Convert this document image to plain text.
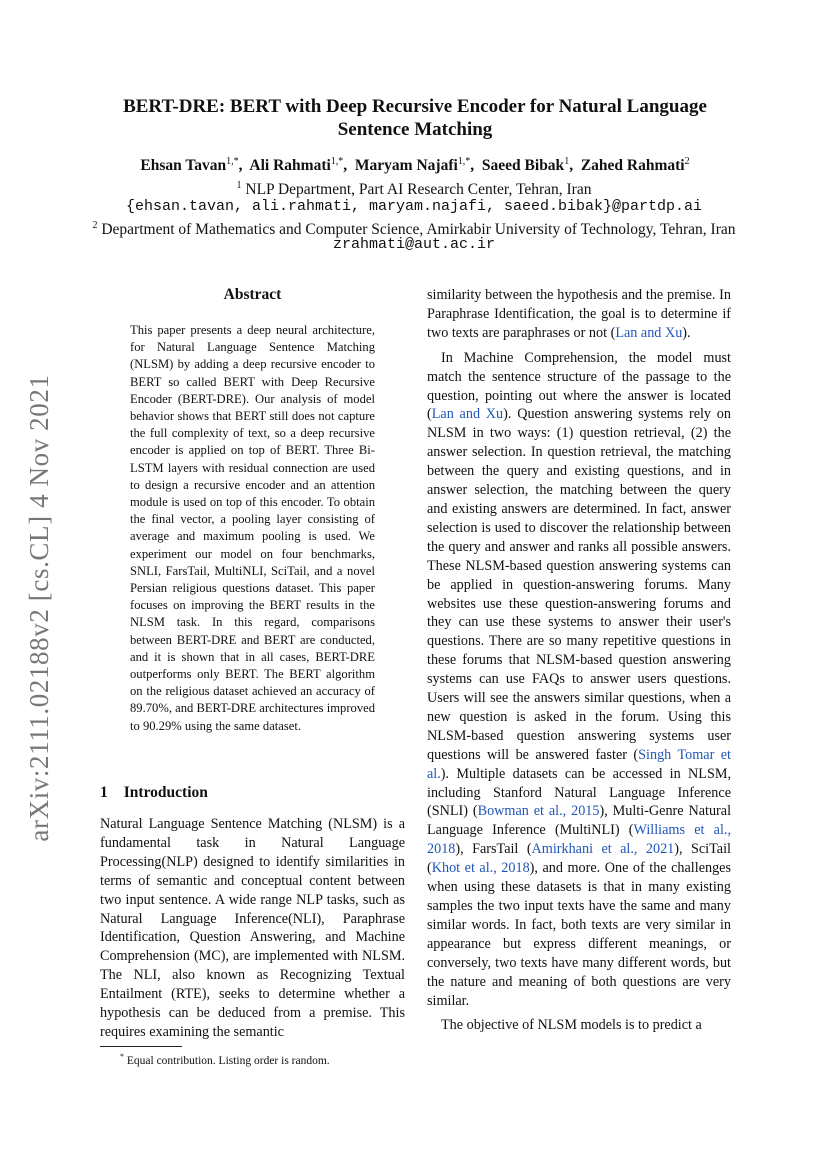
arXiv:2111.02188v2 [cs.CL] 4 Nov 2021
BERT-DRE: BERT with Deep Recursive Encoder for Natural Language Sentence Matching
Ehsan Tavan$^{1,*}$,  Ali Rahmati$^{1,*}$,  Maryam Najafi$^{1,*}$,  Saeed Bibak$^1$,  Zahed Rahmati$^2$
$^1$ NLP Department, Part AI Research Center, Tehran, Iran
{ehsan.tavan, ali.rahmati, maryam.najafi, saeed.bibak}@partdp.ai
$^2$ Department of Mathematics and Computer Science, Amirkabir University of Technology, Tehran, Iran
zrahmati@aut.ac.ir
Abstract
This paper presents a deep neural architecture, for Natural Language Sentence Matching (NLSM) by adding a deep recursive encoder to BERT so called BERT with Deep Recursive Encoder (BERT-DRE). Our analysis of model behavior shows that BERT still does not capture the full complexity of text, so a deep recursive encoder is applied on top of BERT. Three Bi-LSTM layers with residual connection are used to design a recursive encoder and an attention module is used on top of this encoder. To obtain the final vector, a pooling layer consisting of average and maximum pooling is used. We experiment our model on four benchmarks, SNLI, FarsTail, MultiNLI, SciTail, and a novel Persian religious questions dataset. This paper focuses on improving the BERT results in the NLSM task. In this regard, comparisons between BERT-DRE and BERT are conducted, and it is shown that in all cases, BERT-DRE outperforms only BERT. The BERT algorithm on the religious dataset achieved an accuracy of 89.70%, and BERT-DRE architectures improved to 90.29% using the same dataset.
1 Introduction

Natural Language Sentence Matching (NLSM) is a fundamental task in Natural Language Processing(NLP) designed to identify similarities in terms of semantic and conceptual content between two input sentence. A wide range NLP tasks, such as Natural Language Inference(NLI), Paraphrase Identification, Question Answering, and Machine Comprehension (MC), are implemented with NLSM. The NLI, also known as Recognizing Textual Entailment (RTE), seeks to determine whether a hypothesis can be deduced from a premise. This requires examining the semantic

* Equal contribution. Listing order is random.

similarity between the hypothesis and the premise. In Paraphrase Identification, the goal is to determine if two texts are paraphrases or not (Lan and Xu).

In Machine Comprehension, the model must match the sentence structure of the passage to the question, pointing out where the answer is located (Lan and Xu). Question answering systems rely on NLSM in two ways: (1) question retrieval, (2) the answer selection. In question retrieval, the matching between the query and existing questions, and in answer selection, the matching between the query and existing answers are determined. In fact, answer selection is used to discover the relationship between the query and answer and ranks all possible answers. These NLSM-based question answering systems can be applied in question-answering forums. Many websites use these question-answering forums and they can use these systems to answer their user's questions. There are so many repetitive questions in these forums that NLSM-based question answering systems can use FAQs to answer users questions. Users will see the answers similar questions, when a new question is asked in the forum. Using this NLSM-based question answering systems user questions will be answered faster (Singh Tomar et al.). Multiple datasets can be accessed in NLSM, including Stanford Natural Language Inference (SNLI) (Bowman et al., 2015), Multi-Genre Natural Language Inference (MultiNLI) (Williams et al., 2018), FarsTail (Amirkhani et al., 2021), SciTail (Khot et al., 2018), and more. One of the challenges when using these datasets is that in many existing samples the two input texts have the same and many similar words. In fact, both texts are very similar in appearance but express different meanings, or conversely, two texts have many different words, but the nature and meaning of both questions are very similar.

The objective of NLSM models is to predict a
